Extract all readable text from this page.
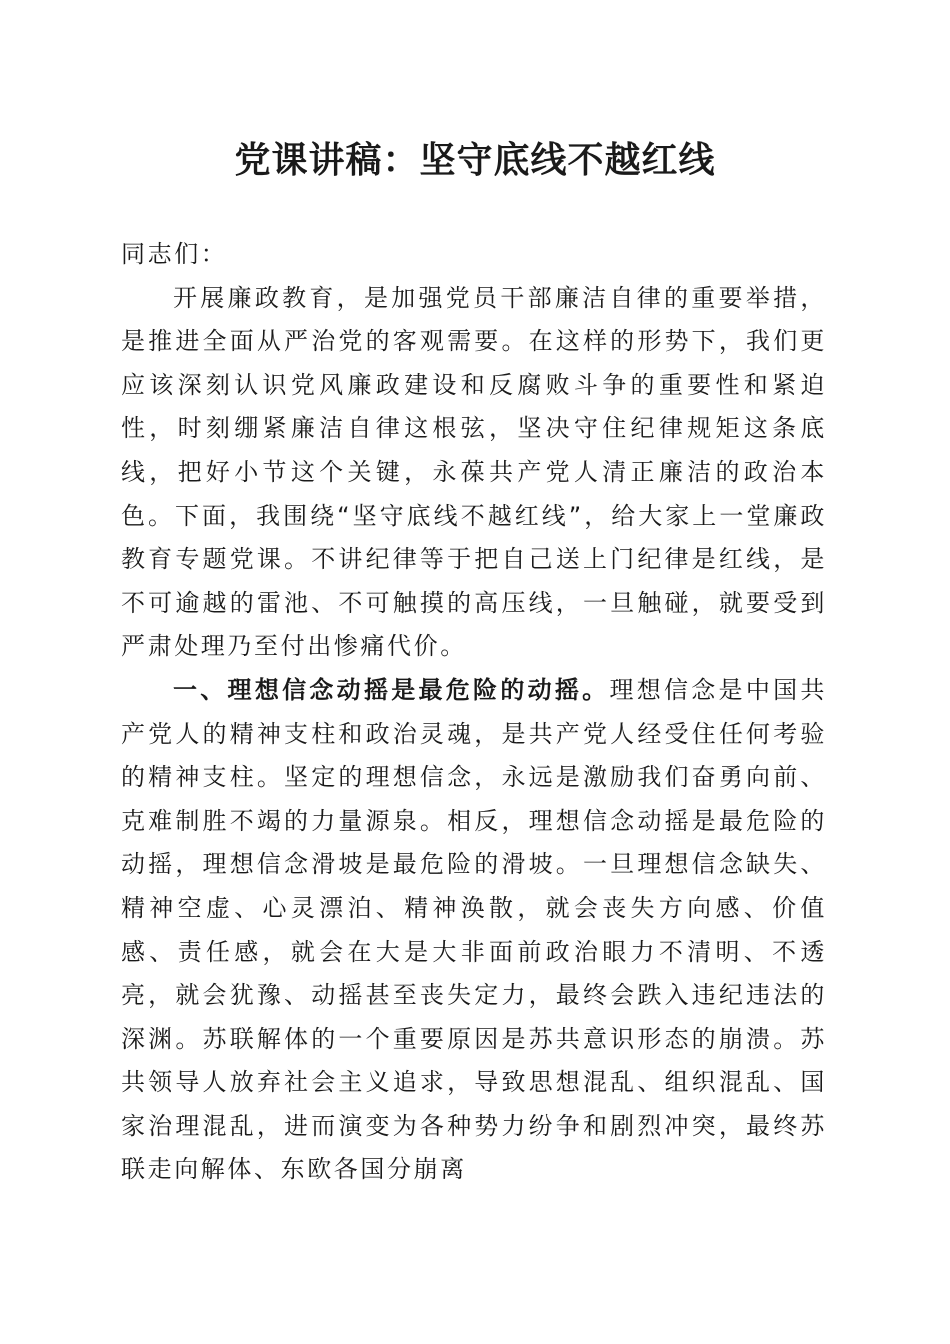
党课讲稿：坚守底线不越红线

同志们：

开展廉政教育，是加强党员干部廉洁自律的重要举措，是推进全面从严治党的客观需要。在这样的形势下，我们更应该深刻认识党风廉政建设和反腐败斗争的重要性和紧迫性，时刻绷紧廉洁自律这根弦，坚决守住纪律规矩这条底线，把好小节这个关键，永葆共产党人清正廉洁的政治本色。下面，我围绕“坚守底线不越红线”，给大家上一堂廉政教育专题党课。不讲纪律等于把自己送上门纪律是红线，是不可逾越的雷池、不可触摸的高压线，一旦触碰，就要受到严肃处理乃至付出惨痛代价。

一、理想信念动摇是最危险的动摇。理想信念是中国共产党人的精神支柱和政治灵魂，是共产党人经受住任何考验的精神支柱。坚定的理想信念，永远是激励我们奋勇向前、克难制胜不竭的力量源泉。相反，理想信念动摇是最危险的动摇，理想信念滑坡是最危险的滑坡。一旦理想信念缺失、精神空虚、心灵漂泊、精神涣散，就会丧失方向感、价值感、责任感，就会在大是大非面前政治眼力不清明、不透亮，就会犹豫、动摇甚至丧失定力，最终会跌入违纪违法的深渊。苏联解体的一个重要原因是苏共意识形态的崩溃。苏共领导人放弃社会主义追求，导致思想混乱、组织混乱、国家治理混乱，进而演变为各种势力纷争和剧烈冲突，最终苏联走向解体、东欧各国分崩离
